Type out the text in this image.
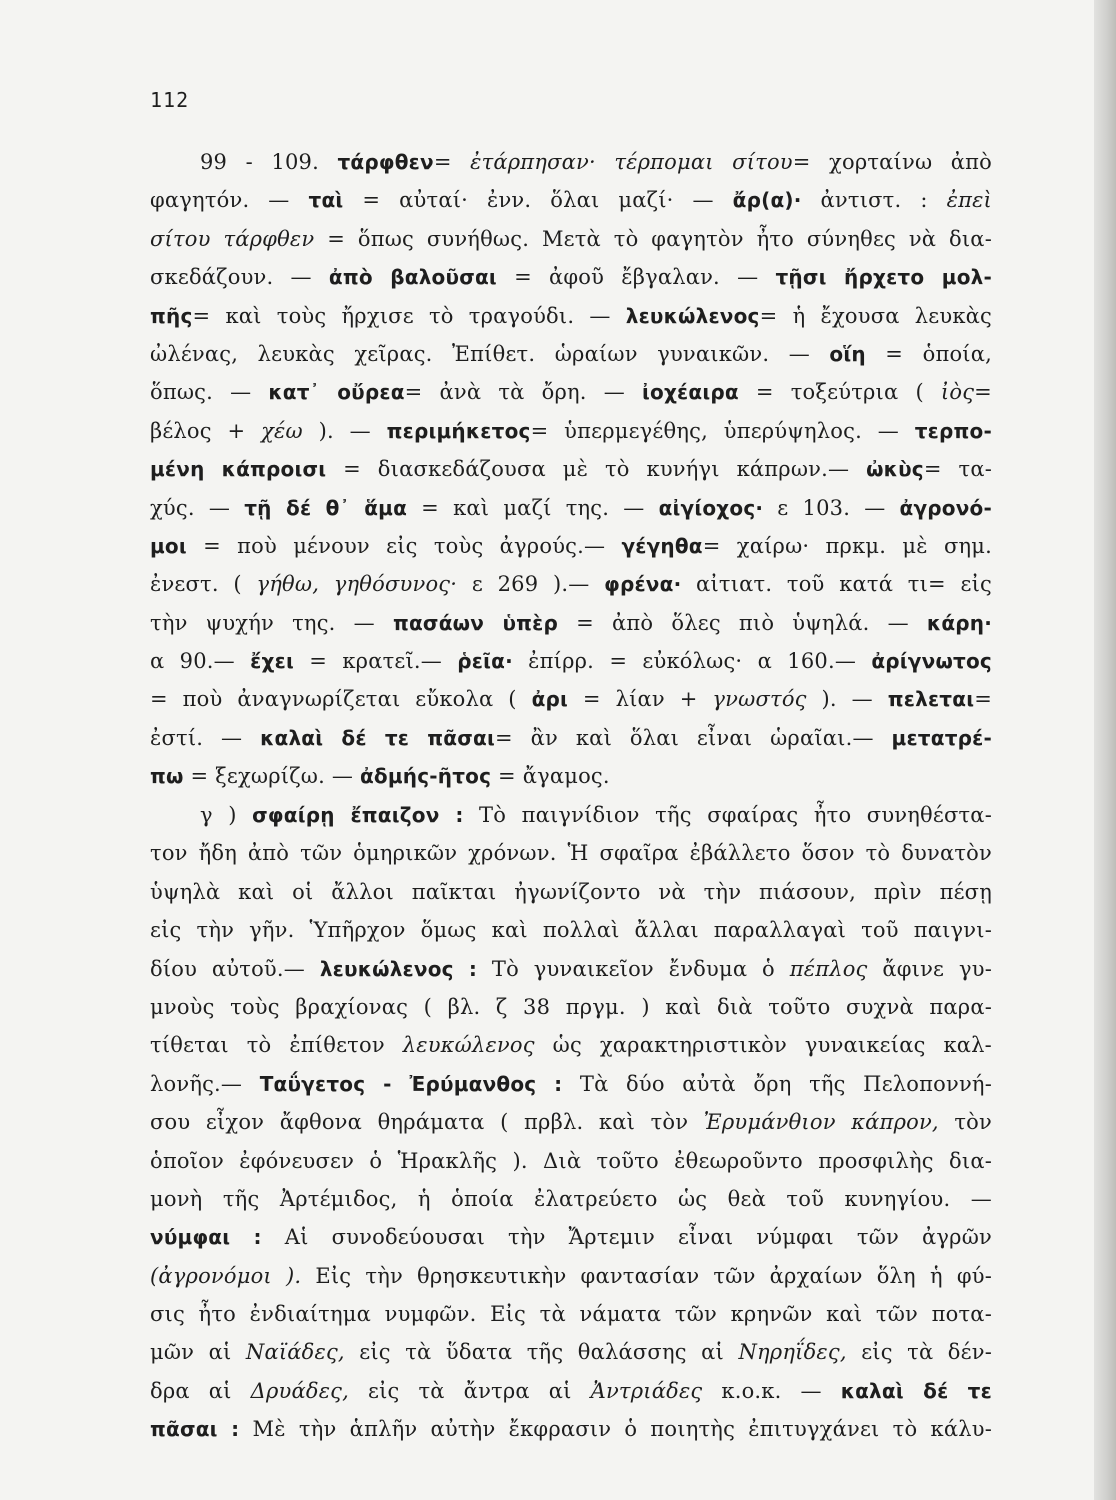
112
99 - 109. τάρφθεν= ἐτάρπησαν· τέρπομαι σίτου= χορταίνω ἀπὸ
φαγητόν. — ταὶ = αὐταί· ἐνν. ὅλαι μαζί· — ἄρ(α)· ἀντιστ. : ἐπεὶ
σίτου τάρφθεν = ὅπως συνήθως. Μετὰ τὸ φαγητὸν ἦτο σύνηθες νὰ δια-
σκεδάζουν. — ἀπὸ βαλοῦσαι = ἀφοῦ ἔβγαλαν. — τῇσι ἤρχετο μολ-
πῆς= καὶ τοὺς ἤρχισε τὸ τραγούδι. — λευκώλενος= ἡ ἔχουσα λευκὰς
ὠλένας, λευκὰς χεῖρας. Ἐπίθετ. ὡραίων γυναικῶν. — οἵη = ὁποία,
ὅπως. — κατ᾽ οὔρεα= ἀνὰ τὰ ὄρη. — ἰοχέαιρα = τοξεύτρια ( ἰὸς=
βέλος + χέω ). — περιμήκετος= ὑπερμεγέθης, ὑπερύψηλος. — τερπο-
μένη κάπροισι = διασκεδάζουσα μὲ τὸ κυνήγι κάπρων.— ὠκὺς= τα-
χύς. — τῇ δέ θ᾽ ἅμα = καὶ μαζί της. — αἰγίοχος· ε 103. — ἀγρονό-
μοι = ποὺ μένουν εἰς τοὺς ἀγρούς.— γέγηθα= χαίρω· πρκμ. μὲ σημ.
ἐνεστ. ( γήθω, γηθόσυνος· ε 269 ).— φρένα· αἰτιατ. τοῦ κατά τι= εἰς
τὴν ψυχήν της. — πασάων ὑπὲρ = ἀπὸ ὅλες πιὸ ὑψηλά. — κάρη·
α 90.— ἔχει = κρατεῖ.— ῥεῖα· ἐπίρρ. = εὐκόλως· α 160.— ἀρίγνωτος
= ποὺ ἀναγνωρίζεται εὔκολα ( ἀρι = λίαν + γνωστός ). — πελεται=
ἐστί. — καλαὶ δέ τε πᾶσαι= ἂν καὶ ὅλαι εἶναι ὡραῖαι.— μετατρέ-
πω = ξεχωρίζω. — ἀδμής-ῆτος = ἄγαμος.
γ ) σφαίρῃ ἔπαιζον : Τὸ παιγνίδιον τῆς σφαίρας ἦτο συνηθέστα-
τον ἤδη ἀπὸ τῶν ὁμηρικῶν χρόνων. Ἡ σφαῖρα ἐβάλλετο ὅσον τὸ δυνατὸν
ὑψηλὰ καὶ οἱ ἄλλοι παῖκται ἠγωνίζοντο νὰ τὴν πιάσουν, πρὶν πέσῃ
εἰς τὴν γῆν. Ὑπῆρχον ὅμως καὶ πολλαὶ ἄλλαι παραλλαγαὶ τοῦ παιγνι-
δίου αὐτοῦ.— λευκώλενος : Τὸ γυναικεῖον ἔνδυμα ὁ πέπλος ἄφινε γυ-
μνοὺς τοὺς βραχίονας ( βλ. ζ 38 πργμ. ) καὶ διὰ τοῦτο συχνὰ παρα-
τίθεται τὸ ἐπίθετον λευκώλενος ὡς χαρακτηριστικὸν γυναικείας καλ-
λονῆς.— Ταΰγετος - Ἐρύμανθος : Τὰ δύο αὐτὰ ὄρη τῆς Πελοποννή-
σου εἶχον ἄφθονα θηράματα ( πρβλ. καὶ τὸν Ἐρυμάνθιον κάπρον, τὸν
ὁποῖον ἐφόνευσεν ὁ Ἡρακλῆς ). Διὰ τοῦτο ἐθεωροῦντο προσφιλὴς δια-
μονὴ τῆς Ἀρτέμιδος, ἡ ὁποία ἐλατρεύετο ὡς θεὰ τοῦ κυνηγίου. —
νύμφαι : Αἱ συνοδεύουσαι τὴν Ἄρτεμιν εἶναι νύμφαι τῶν ἀγρῶν
(ἀγρονόμοι ). Εἰς τὴν θρησκευτικὴν φαντασίαν τῶν ἀρχαίων ὅλη ἡ φύ-
σις ἦτο ἐνδιαίτημα νυμφῶν. Εἰς τὰ νάματα τῶν κρηνῶν καὶ τῶν ποτα-
μῶν αἱ Ναϊάδες, εἰς τὰ ὕδατα τῆς θαλάσσης αἱ Νηρηΐδες, εἰς τὰ δέν-
δρα αἱ Δρυάδες, εἰς τὰ ἄντρα αἱ Ἀντριάδες κ.ο.κ. — καλαὶ δέ τε
πᾶσαι : Μὲ τὴν ἁπλῆν αὐτὴν ἔκφρασιν ὁ ποιητὴς ἐπιτυγχάνει τὸ κάλυ-
